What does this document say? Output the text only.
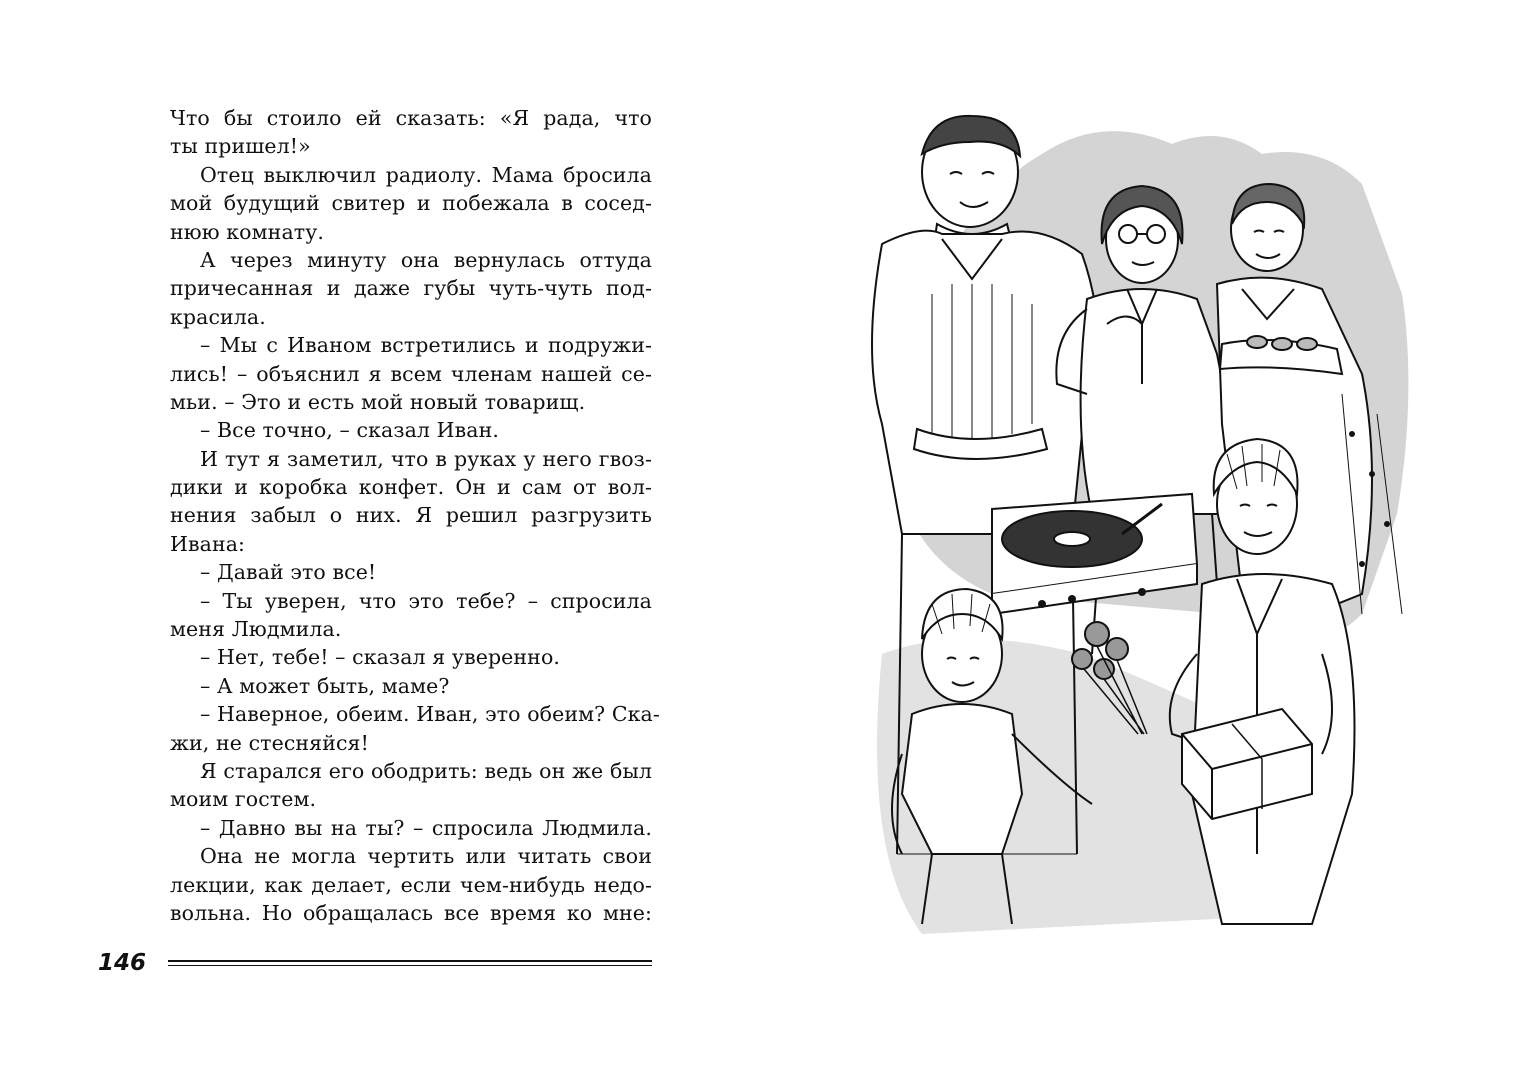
Что бы стоило ей сказать: «Я рада, что
ты пришел!»
Отец выключил радиолу. Мама бросила
мой будущий свитер и побежала в сосед-
нюю комнату.
А через минуту она вернулась оттуда
причесанная и даже губы чуть-чуть под-
красила.
– Мы с Иваном встретились и подружи-
лись! – объяснил я всем членам нашей се-
мьи. – Это и есть мой новый товарищ.
– Все точно, – сказал Иван.
И тут я заметил, что в руках у него гвоз-
дики и коробка конфет. Он и сам от вол-
нения забыл о них. Я решил разгрузить
Ивана:
– Давай это все!
– Ты уверен, что это тебе? – спросила
меня Людмила.
– Нет, тебе! – сказал я уверенно.
– А может быть, маме?
– Наверное, обеим. Иван, это обеим? Ска-
жи, не стесняйся!
Я старался его ободрить: ведь он же был
моим гостем.
– Давно вы на ты? – спросила Людмила.
Она не могла чертить или читать свои
лекции, как делает, если чем-нибудь недо-
вольна. Но обращалась все время ко мне:
146
